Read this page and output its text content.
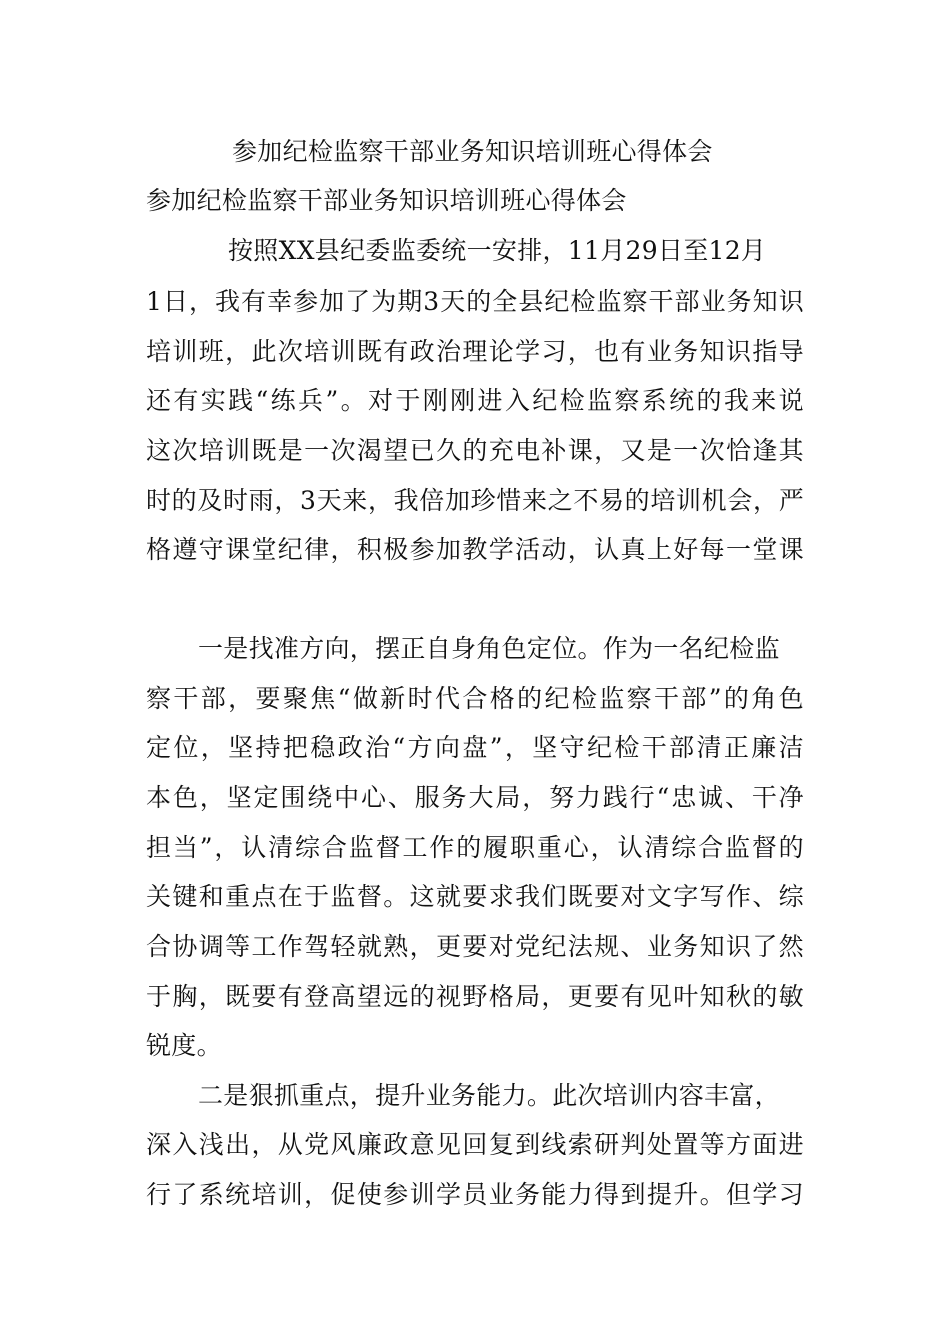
参加纪检监察干部业务知识培训班心得体会
参加纪检监察干部业务知识培训班心得体会
按照XX县纪委监委统一安排，11月29日至12月
1日，我有幸参加了为期3天的全县纪检监察干部业务知识
培训班，此次培训既有政治理论学习，也有业务知识指导
还有实践“练兵”。对于刚刚进入纪检监察系统的我来说
这次培训既是一次渴望已久的充电补课，又是一次恰逢其
时的及时雨，3天来，我倍加珍惜来之不易的培训机会，严
格遵守课堂纪律，积极参加教学活动，认真上好每一堂课
一是找准方向，摆正自身角色定位。作为一名纪检监
察干部，要聚焦“做新时代合格的纪检监察干部”的角色
定位，坚持把稳政治“方向盘”，坚守纪检干部清正廉洁
本色，坚定围绕中心、服务大局，努力践行“忠诚、干净
担当”，认清综合监督工作的履职重心，认清综合监督的
关键和重点在于监督。这就要求我们既要对文字写作、综
合协调等工作驾轻就熟，更要对党纪法规、业务知识了然
于胸，既要有登高望远的视野格局，更要有见叶知秋的敏
锐度。
二是狠抓重点，提升业务能力。此次培训内容丰富，
深入浅出，从党风廉政意见回复到线索研判处置等方面进
行了系统培训，促使参训学员业务能力得到提升。但学习
